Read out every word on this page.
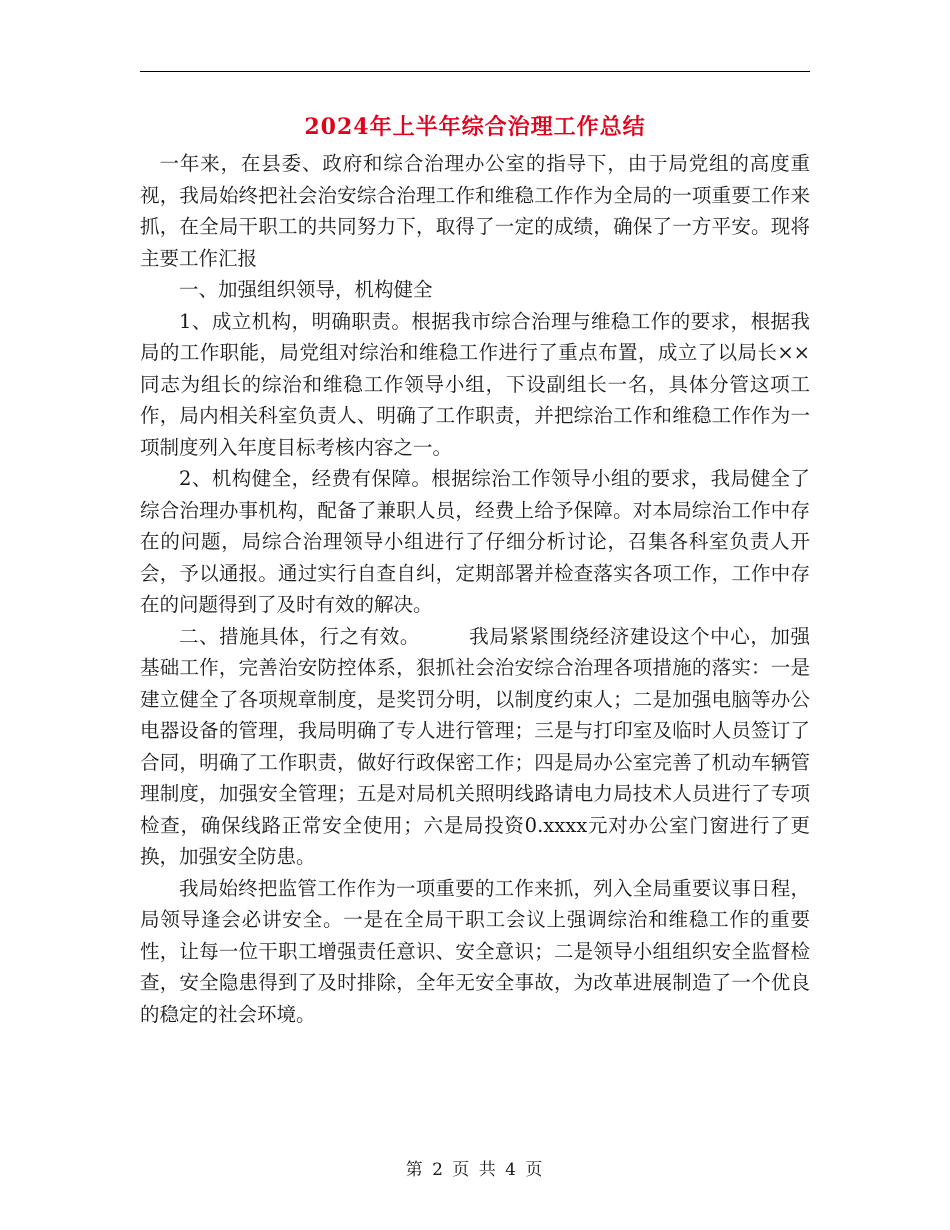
2024年上半年综合治理工作总结

一年来，在县委、政府和综合治理办公室的指导下，由于局党组的高度重视，我局始终把社会治安综合治理工作和维稳工作作为全局的一项重要工作来抓，在全局干职工的共同努力下，取得了一定的成绩，确保了一方平安。现将主要工作汇报

一、加强组织领导，机构健全

1、成立机构，明确职责。根据我市综合治理与维稳工作的要求，根据我局的工作职能，局党组对综治和维稳工作进行了重点布置，成立了以局长××同志为组长的综治和维稳工作领导小组，下设副组长一名，具体分管这项工作，局内相关科室负责人、明确了工作职责，并把综治工作和维稳工作作为一项制度列入年度目标考核内容之一。

2、机构健全，经费有保障。根据综治工作领导小组的要求，我局健全了综合治理办事机构，配备了兼职人员，经费上给予保障。对本局综治工作中存在的问题，局综合治理领导小组进行了仔细分析讨论，召集各科室负责人开会，予以通报。通过实行自查自纠，定期部署并检查落实各项工作，工作中存在的问题得到了及时有效的解决。

二、措施具体，行之有效。	我局紧紧围绕经济建设这个中心，加强基础工作，完善治安防控体系，狠抓社会治安综合治理各项措施的落实：一是建立健全了各项规章制度，是奖罚分明，以制度约束人；二是加强电脑等办公电器设备的管理，我局明确了专人进行管理；三是与打印室及临时人员签订了合同，明确了工作职责，做好行政保密工作；四是局办公室完善了机动车辆管理制度，加强安全管理；五是对局机关照明线路请电力局技术人员进行了专项检查，确保线路正常安全使用；六是局投资0.xxxx元对办公室门窗进行了更换，加强安全防患。

我局始终把监管工作作为一项重要的工作来抓，列入全局重要议事日程，局领导逢会必讲安全。一是在全局干职工会议上强调综治和维稳工作的重要性，让每一位干职工增强责任意识、安全意识；二是领导小组组织安全监督检查，安全隐患得到了及时排除，全年无安全事故，为改革进展制造了一个优良的稳定的社会环境。

第 2 页 共 4 页
